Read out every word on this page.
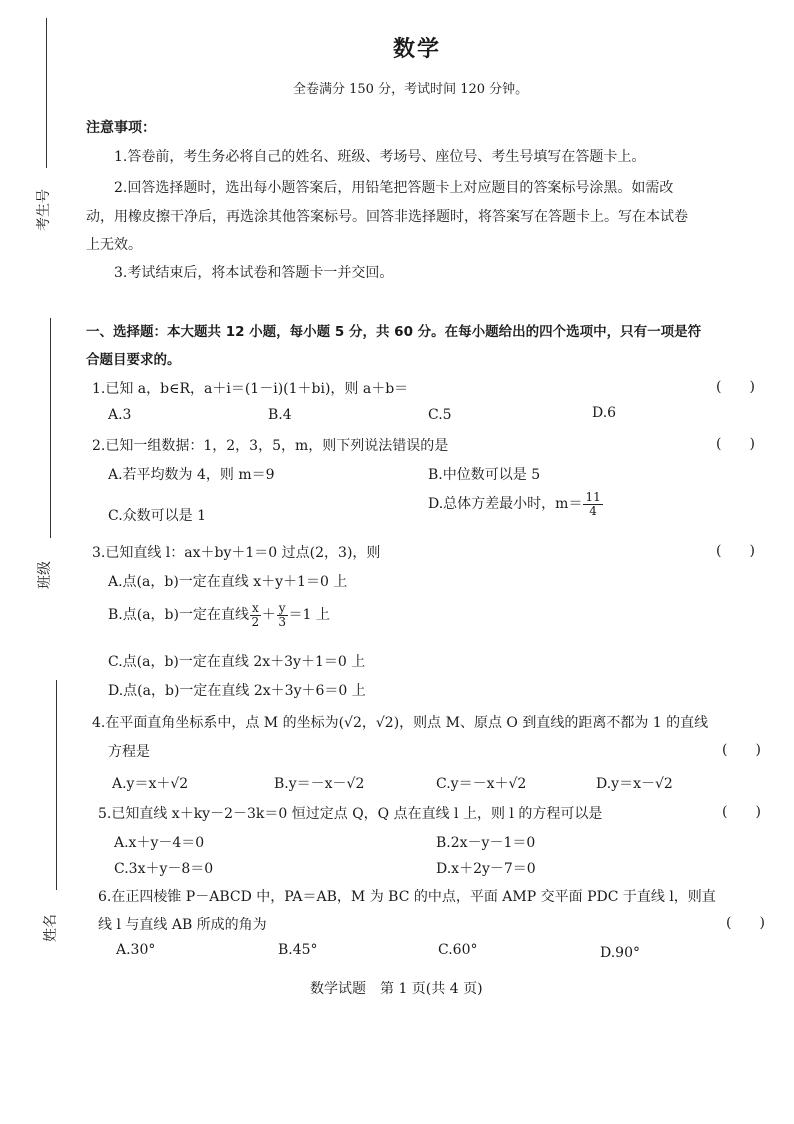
考生号
班级
姓名
数学
全卷满分 150 分，考试时间 120 分钟。
注意事项：
1.答卷前，考生务必将自己的姓名、班级、考场号、座位号、考生号填写在答题卡上。
2.回答选择题时，选出每小题答案后，用铅笔把答题卡上对应题目的答案标号涂黑。如需改
动，用橡皮擦干净后，再选涂其他答案标号。回答非选择题时，将答案写在答题卡上。写在本试卷
上无效。
3.考试结束后，将本试卷和答题卡一并交回。
一、选择题：本大题共 12 小题，每小题 5 分，共 60 分。在每小题给出的四个选项中，只有一项是符
合题目要求的。
1.已知 a，b∈R，a＋i＝(1－i)(1＋bi)，则 a＋b＝	(　　)
A.3	B.4	C.5	D.6
2.已知一组数据：1，2，3，5，m，则下列说法错误的是	(　　)
A.若平均数为 4，则 m＝9	B.中位数可以是 5
C.众数可以是 1
D.总体方差最小时，$m= \frac{11}{4}$
3.已知直线 l：ax＋by＋1＝0 过点(2，3)，则	(　　)
A.点(a，b)一定在直线 x＋y＋1＝0 上
B.点(a，b)一定在直线 $\frac{x}{2} + \frac{y}{3} =1$ 上
C.点(a，b)一定在直线 2x＋3y＋1＝0 上
D.点(a，b)一定在直线 2x＋3y＋6＝0 上
4.在平面直角坐标系中，点 M 的坐标为(√2，√2)，则点 M、原点 O 到直线的距离不都为 1 的直线
方程是	(　　)
A.y＝x＋√2	B.y＝－x－√2	C.y＝－x＋√2	D.y＝x－√2
5.已知直线 x＋ky－2－3k＝0 恒过定点 Q，Q 点在直线 l 上，则 l 的方程可以是	(　　)
A.x＋y－4＝0	B.2x－y－1＝0
C.3x＋y－8＝0	D.x＋2y－7＝0
6.在正四棱锥 P－ABCD 中，PA＝AB，M 为 BC 的中点，平面 AMP 交平面 PDC 于直线 l，则直
线 l 与直线 AB 所成的角为	(　　)
A.30°	B.45°	C.60°	D.90°
数学试题　第 1 页(共 4 页)
